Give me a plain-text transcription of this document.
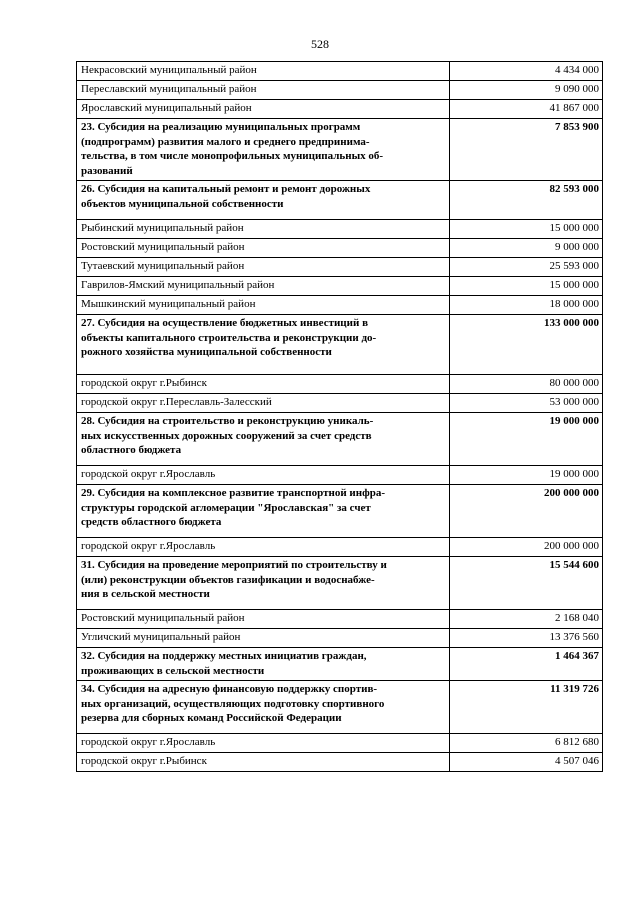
528
Некрасовский муниципальный район	4 434 000
Переславский муниципальный район	9 090 000
Ярославский муниципальный район	41 867 000

23. Субсидия на реализацию муниципальных программ
(подпрограмм) развития малого и среднего предпринима-
тельства, в том числе монопрофильных муниципальных об-
разований	7 853 900

26. Субсидия на капитальный ремонт и ремонт дорожных
объектов муниципальной собственности	82 593 000
Рыбинский муниципальный район	15 000 000
Ростовский муниципальный район	9 000 000
Тутаевский муниципальный район	25 593 000
Гаврилов-Ямский муниципальный район	15 000 000
Мышкинский муниципальный район	18 000 000

27. Субсидия на осуществление бюджетных инвестиций в
объекты капитального строительства и реконструкции до-
рожного хозяйства муниципальной собственности	133 000 000
городской округ г.Рыбинск	80 000 000
городской округ г.Переславль-Залесский	53 000 000

28. Субсидия на строительство и реконструкцию уникаль-
ных искусственных дорожных сооружений за счет средств
областного бюджета	19 000 000
городской округ г.Ярославль	19 000 000

29. Субсидия на комплексное развитие транспортной инфра-
структуры городской агломерации "Ярославская" за счет
средств областного бюджета	200 000 000
городской округ г.Ярославль	200 000 000

31. Субсидия на проведение мероприятий по строительству и
(или) реконструкции объектов газификации и водоснабже-
ния в сельской местности	15 544 600
Ростовский муниципальный район	2 168 040
Угличский муниципальный район	13 376 560

32. Субсидия на поддержку местных инициатив граждан,
проживающих в сельской местности	1 464 367

34. Субсидия на адресную финансовую поддержку спортив-
ных организаций, осуществляющих подготовку спортивного
резерва для сборных команд Российской Федерации	11 319 726
городской округ г.Ярославль	6 812 680
городской округ г.Рыбинск	4 507 046
